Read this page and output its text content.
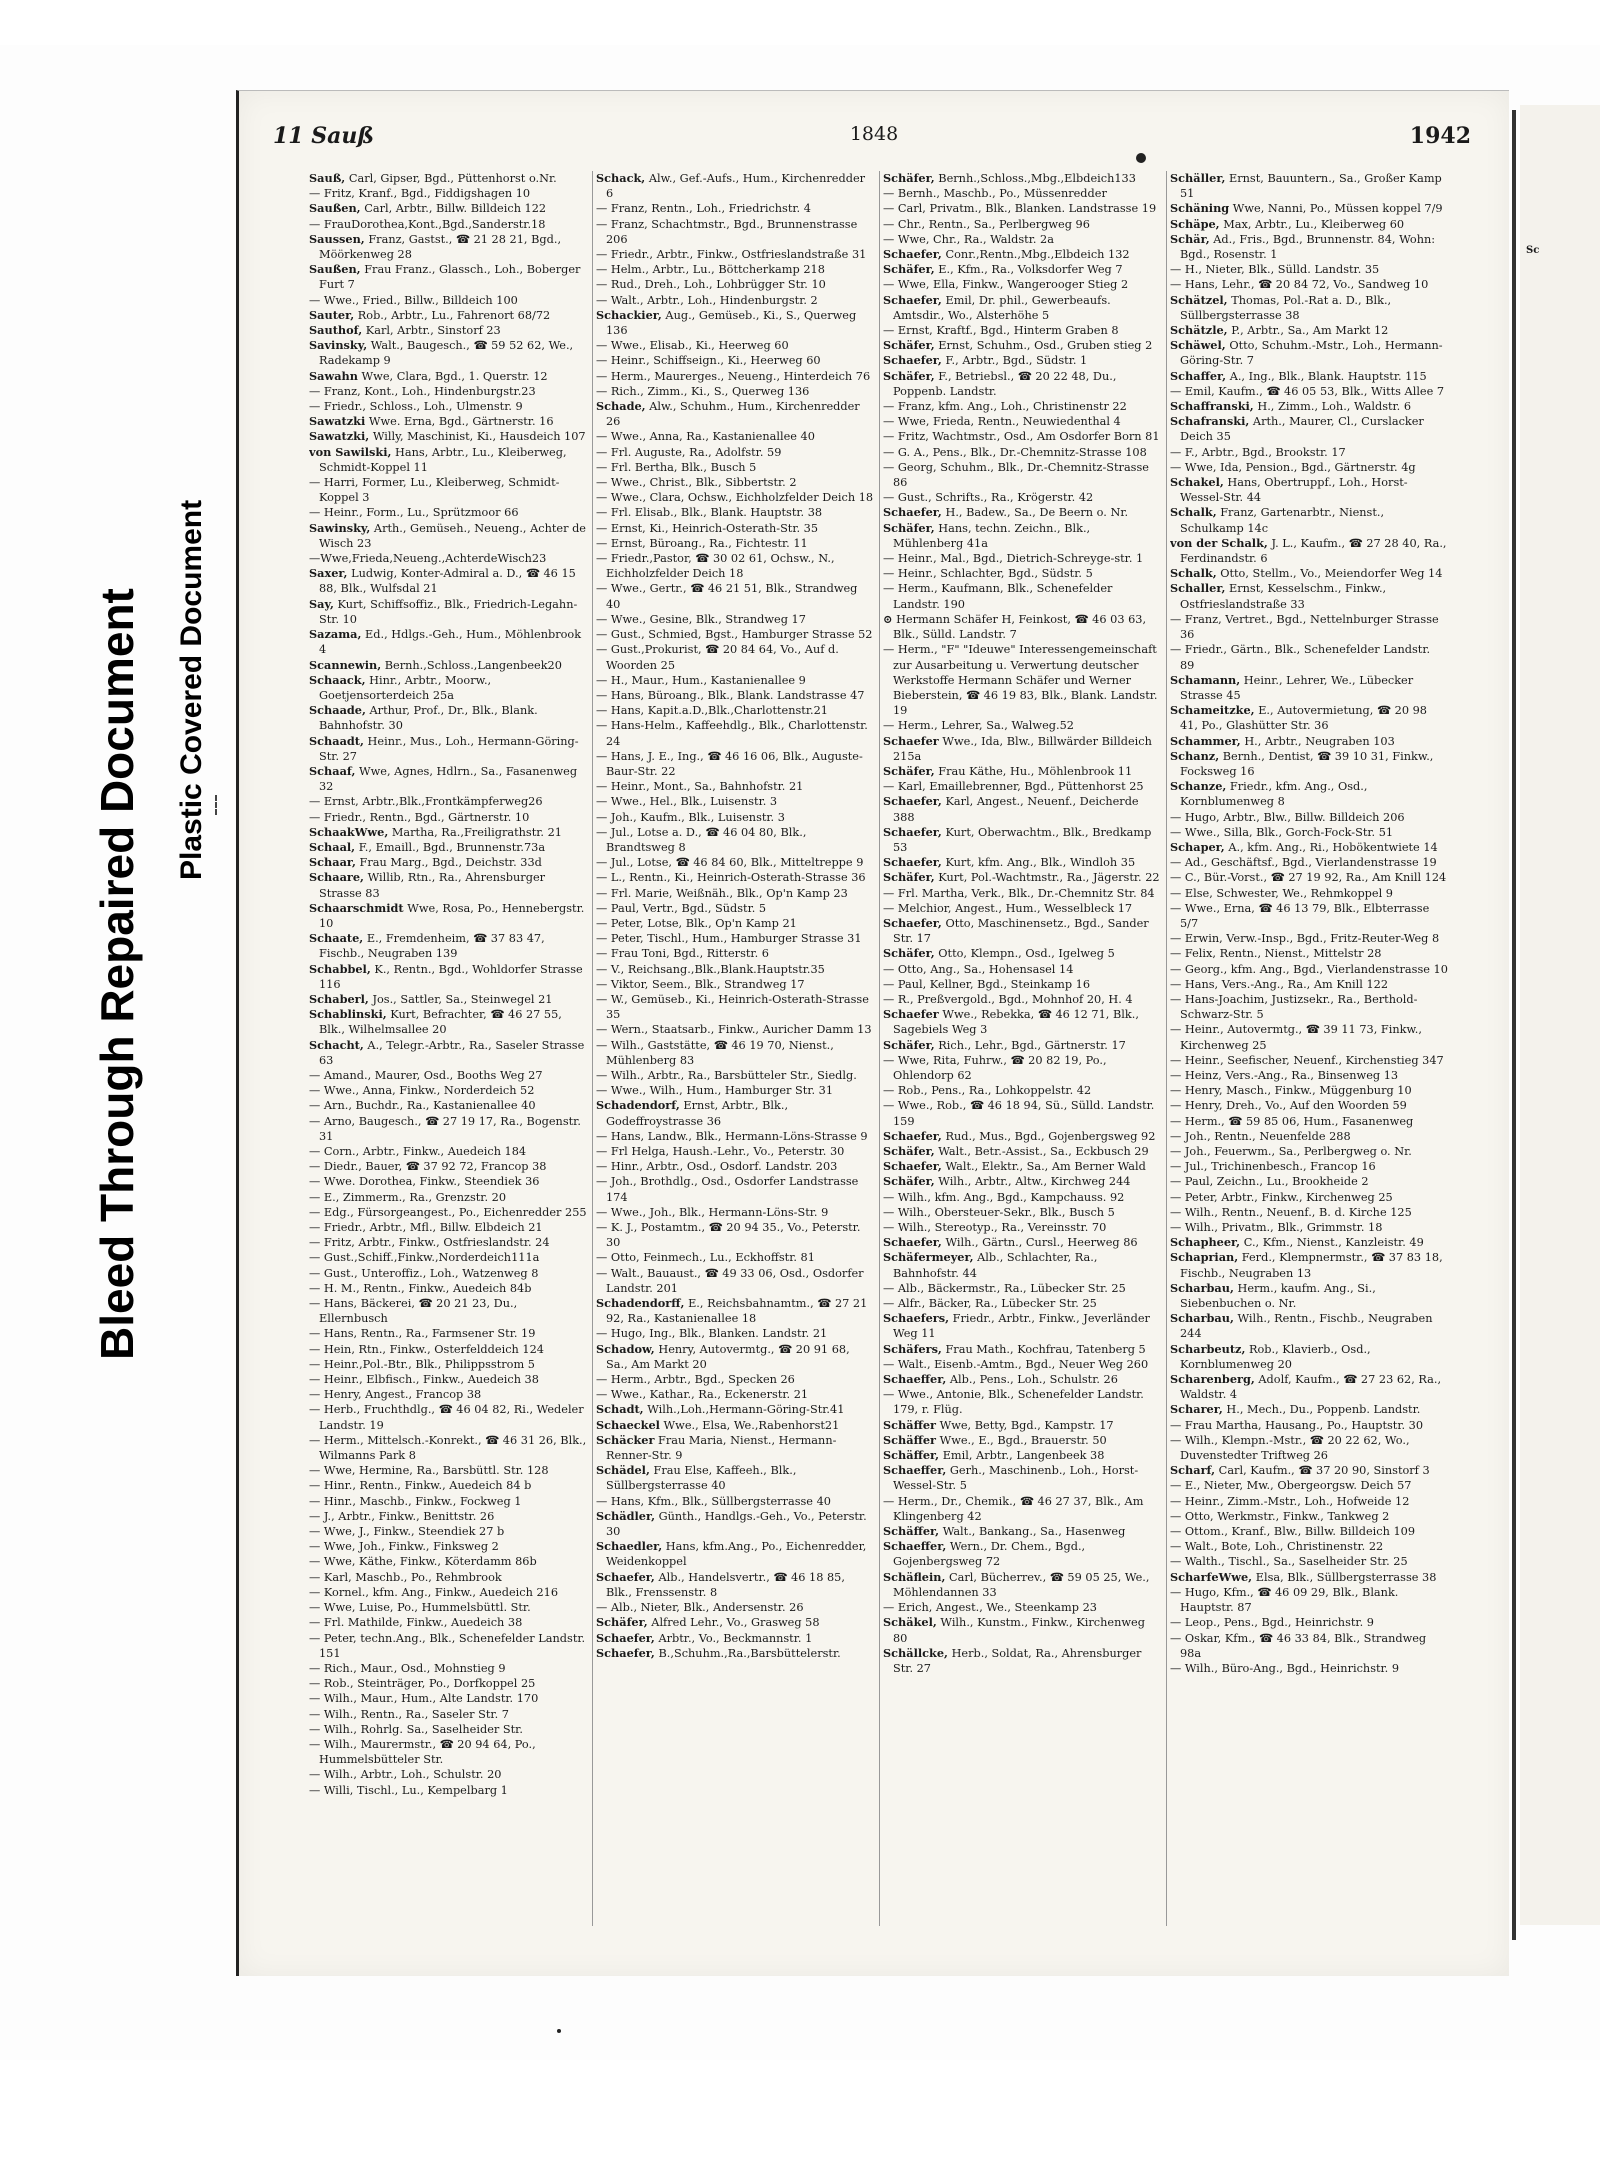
Bleed Through Repaired Document Plastic Covered Document
11 Sauß	1848	1942

Sauß, Carl, Gipser, Bgd., Püttenhorst o.Nr.

— Fritz, Kranf., Bgd., Fiddigshagen 10

Saußen, Carl, Arbtr., Billw. Billdeich 122

— FrauDorothea,Kont.,Bgd.,Sanderstr.18

Saussen, Franz, Gastst., ☎ 21 28 21, Bgd., Möörkenweg 28

Saußen, Frau Franz., Glassch., Loh., Boberger Furt 7

— Wwe., Fried., Billw., Billdeich 100

Sauter, Rob., Arbtr., Lu., Fahrenort 68/72

Sauthof, Karl, Arbtr., Sinstorf 23

Savinsky, Walt., Baugesch., ☎ 59 52 62, We., Radekamp 9

Sawahn Wwe, Clara, Bgd., 1. Querstr. 12

— Franz, Kont., Loh., Hindenburgstr.23

— Friedr., Schloss., Loh., Ulmenstr. 9

Sawatzki Wwe. Erna, Bgd., Gärtnerstr. 16

Sawatzki, Willy, Maschinist, Ki., Hausdeich 107

von Sawilski, Hans, Arbtr., Lu., Kleiberweg, Schmidt-Koppel 11

— Harri, Former, Lu., Kleiberweg, Schmidt-Koppel 3

— Heinr., Form., Lu., Sprützmoor 66

Sawinsky, Arth., Gemüseh., Neueng., Achter de Wisch 23

—Wwe,Frieda,Neueng.,AchterdeWisch23

Saxer, Ludwig, Konter-Admiral a. D., ☎ 46 15 88, Blk., Wulfsdal 21

Say, Kurt, Schiffsoffiz., Blk., Friedrich-Legahn-Str. 10

Sazama, Ed., Hdlgs.-Geh., Hum., Möhlenbrook 4

Scannewin, Bernh.,Schloss.,Langenbeek20

Schaack, Hinr., Arbtr., Moorw., Goetjensorterdeich 25a

Schaade, Arthur, Prof., Dr., Blk., Blank. Bahnhofstr. 30

Schaadt, Heinr., Mus., Loh., Hermann-Göring-Str. 27

Schaaf, Wwe, Agnes, Hdlrn., Sa., Fasanenweg 32

— Ernst, Arbtr.,Blk.,Frontkämpferweg26

— Friedr., Rentn., Bgd., Gärtnerstr. 10

SchaakWwe, Martha, Ra.,Freiligrathstr. 21

Schaal, F., Emaill., Bgd., Brunnenstr.73a

Schaar, Frau Marg., Bgd., Deichstr. 33d

Schaare, Willib, Rtn., Ra., Ahrensburger Strasse 83

Schaarschmidt Wwe, Rosa, Po., Hennebergstr. 10

Schaate, E., Fremdenheim, ☎ 37 83 47, Fischb., Neugraben 139

Schabbel, K., Rentn., Bgd., Wohldorfer Strasse 116

Schaberl, Jos., Sattler, Sa., Steinwegel 21

Schablinski, Kurt, Befrachter, ☎ 46 27 55, Blk., Wilhelmsallee 20

Schacht, A., Telegr.-Arbtr., Ra., Saseler Strasse 63

— Amand., Maurer, Osd., Booths Weg 27

— Wwe., Anna, Finkw., Norderdeich 52

— Arn., Buchdr., Ra., Kastanienallee 40

— Arno, Baugesch., ☎ 27 19 17, Ra., Bogenstr. 31

— Corn., Arbtr., Finkw., Auedeich 184

— Diedr., Bauer, ☎ 37 92 72, Francop 38

— Wwe. Dorothea, Finkw., Steendiek 36

— E., Zimmerm., Ra., Grenzstr. 20

— Edg., Fürsorgeangest., Po., Eichenredder 255

— Friedr., Arbtr., Mfl., Billw. Elbdeich 21

— Fritz, Arbtr., Finkw., Ostfrieslandstr. 24

— Gust.,Schiff.,Finkw.,Norderdeich111a

— Gust., Unteroffiz., Loh., Watzenweg 8

— H. M., Rentn., Finkw., Auedeich 84b

— Hans, Bäckerei, ☎ 20 21 23, Du., Ellernbusch

— Hans, Rentn., Ra., Farmsener Str. 19

— Hein, Rtn., Finkw., Osterfelddeich 124

— Heinr.,Pol.-Btr., Blk., Philippsstrom 5

— Heinr., Elbfisch., Finkw., Auedeich 38

— Henry, Angest., Francop 38

— Herb., Fruchthdlg., ☎ 46 04 82, Ri., Wedeler Landstr. 19

— Herm., Mittelsch.-Konrekt., ☎ 46 31 26, Blk., Wilmanns Park 8

— Wwe, Hermine, Ra., Barsbüttl. Str. 128

— Hinr., Rentn., Finkw., Auedeich 84 b

— Hinr., Maschb., Finkw., Fockweg 1

— J., Arbtr., Finkw., Benittstr. 26

— Wwe, J., Finkw., Steendiek 27 b

— Wwe, Joh., Finkw., Finksweg 2

— Wwe, Käthe, Finkw., Köterdamm 86b

— Karl, Maschb., Po., Rehmbrook

— Kornel., kfm. Ang., Finkw., Auedeich 216

— Wwe, Luise, Po., Hummelsbüttl. Str.

— Frl. Mathilde, Finkw., Auedeich 38

— Peter, techn.Ang., Blk., Schenefelder Landstr. 151

— Rich., Maur., Osd., Mohnstieg 9

— Rob., Steinträger, Po., Dorfkoppel 25

— Wilh., Maur., Hum., Alte Landstr. 170

— Wilh., Rentn., Ra., Saseler Str. 7

— Wilh., Rohrlg. Sa., Saselheider Str.

— Wilh., Maurermstr., ☎ 20 94 64, Po., Hummelsbütteler Str.

— Wilh., Arbtr., Loh., Schulstr. 20

— Willi, Tischl., Lu., Kempelbarg 1

Schack, Alw., Gef.-Aufs., Hum., Kirchenredder 6

— Franz, Rentn., Loh., Friedrichstr. 4

— Franz, Schachtmstr., Bgd., Brunnenstrasse 206

— Friedr., Arbtr., Finkw., Ostfrieslandstraße 31

— Helm., Arbtr., Lu., Böttcherkamp 218

— Rud., Dreh., Loh., Lohbrügger Str. 10

— Walt., Arbtr., Loh., Hindenburgstr. 2

Schackier, Aug., Gemüseb., Ki., S., Querweg 136

— Wwe., Elisab., Ki., Heerweg 60

— Heinr., Schiffseign., Ki., Heerweg 60

— Herm., Maurerges., Neueng., Hinterdeich 76

— Rich., Zimm., Ki., S., Querweg 136

Schade, Alw., Schuhm., Hum., Kirchenredder 26

— Wwe., Anna, Ra., Kastanienallee 40

— Frl. Auguste, Ra., Adolfstr. 59

— Frl. Bertha, Blk., Busch 5

— Wwe., Christ., Blk., Sibbertstr. 2

— Wwe., Clara, Ochsw., Eichholzfelder Deich 18

— Frl. Elisab., Blk., Blank. Hauptstr. 38

— Ernst, Ki., Heinrich-Osterath-Str. 35

— Ernst, Büroang., Ra., Fichtestr. 11

— Friedr.,Pastor, ☎ 30 02 61, Ochsw., N., Eichholzfelder Deich 18

— Wwe., Gertr., ☎ 46 21 51, Blk., Strandweg 40

— Wwe., Gesine, Blk., Strandweg 17

— Gust., Schmied, Bgst., Hamburger Strasse 52

— Gust.,Prokurist, ☎ 20 84 64, Vo., Auf d. Woorden 25

— H., Maur., Hum., Kastanienallee 9

— Hans, Büroang., Blk., Blank. Landstrasse 47

— Hans, Kapit.a.D.,Blk.,Charlottenstr.21

— Hans-Helm., Kaffeehdlg., Blk., Charlottenstr. 24

— Hans, J. E., Ing., ☎ 46 16 06, Blk., Auguste-Baur-Str. 22

— Heinr., Mont., Sa., Bahnhofstr. 21

— Wwe., Hel., Blk., Luisenstr. 3

— Joh., Kaufm., Blk., Luisenstr. 3

— Jul., Lotse a. D., ☎ 46 04 80, Blk., Brandtsweg 8

— Jul., Lotse, ☎ 46 84 60, Blk., Mitteltreppe 9

— L., Rentn., Ki., Heinrich-Osterath-Strasse 36

— Frl. Marie, Weißnäh., Blk., Op'n Kamp 23

— Paul, Vertr., Bgd., Südstr. 5

— Peter, Lotse, Blk., Op'n Kamp 21

— Peter, Tischl., Hum., Hamburger Strasse 31

— Frau Toni, Bgd., Ritterstr. 6

— V., Reichsang.,Blk.,Blank.Hauptstr.35

— Viktor, Seem., Blk., Strandweg 17

— W., Gemüseb., Ki., Heinrich-Osterath-Strasse 35

— Wern., Staatsarb., Finkw., Auricher Damm 13

— Wilh., Gaststätte, ☎ 46 19 70, Nienst., Mühlenberg 83

— Wilh., Arbtr., Ra., Barsbütteler Str., Siedlg.

— Wwe., Wilh., Hum., Hamburger Str. 31

Schadendorf, Ernst, Arbtr., Blk., Godeffroystrasse 36

— Hans, Landw., Blk., Hermann-Löns-Strasse 9

— Frl Helga, Haush.-Lehr., Vo., Peterstr. 30

— Hinr., Arbtr., Osd., Osdorf. Landstr. 203

— Joh., Brothdlg., Osd., Osdorfer Landstrasse 174

— Wwe., Joh., Blk., Hermann-Löns-Str. 9

— K. J., Postamtm., ☎ 20 94 35., Vo., Peterstr. 30

— Otto, Feinmech., Lu., Eckhoffstr. 81

— Walt., Bauaust., ☎ 49 33 06, Osd., Osdorfer Landstr. 201

Schadendorff, E., Reichsbahnamtm., ☎ 27 21 92, Ra., Kastanienallee 18

— Hugo, Ing., Blk., Blanken. Landstr. 21

Schadow, Henry, Autovermtg., ☎ 20 91 68, Sa., Am Markt 20

— Herm., Arbtr., Bgd., Specken 26

— Wwe., Kathar., Ra., Eckenerstr. 21

Schadt, Wilh.,Loh.,Hermann-Göring-Str.41

Schaeckel Wwe., Elsa, We.,Rabenhorst21

Schäcker Frau Maria, Nienst., Hermann-Renner-Str. 9

Schädel, Frau Else, Kaffeeh., Blk., Süllbergsterrasse 40

— Hans, Kfm., Blk., Süllbergsterrasse 40

Schädler, Günth., Handlgs.-Geh., Vo., Peterstr. 30

Schaedler, Hans, kfm.Ang., Po., Eichenredder, Weidenkoppel

Schaefer, Alb., Handelsvertr., ☎ 46 18 85, Blk., Frenssenstr. 8

— Alb., Nieter, Blk., Andersenstr. 26

Schäfer, Alfred Lehr., Vo., Grasweg 58

Schaefer, Arbtr., Vo., Beckmannstr. 1

Schaefer, B.,Schuhm.,Ra.,Barsbüttelerstr.

Schäfer, Bernh.,Schloss.,Mbg.,Elbdeich133

— Bernh., Maschb., Po., Müssenredder

— Carl, Privatm., Blk., Blanken. Landstrasse 19

— Chr., Rentn., Sa., Perlbergweg 96

— Wwe, Chr., Ra., Waldstr. 2a

Schaefer, Conr.,Rentn.,Mbg.,Elbdeich 132

Schäfer, E., Kfm., Ra., Volksdorfer Weg 7

— Wwe, Ella, Finkw., Wangerooger Stieg 2

Schaefer, Emil, Dr. phil., Gewerbeaufs. Amtsdir., Wo., Alsterhöhe 5

— Ernst, Kraftf., Bgd., Hinterm Graben 8

Schäfer, Ernst, Schuhm., Osd., Gruben stieg 2

Schaefer, F., Arbtr., Bgd., Südstr. 1

Schäfer, F., Betriebsl., ☎ 20 22 48, Du., Poppenb. Landstr.

— Franz, kfm. Ang., Loh., Christinenstr 22

— Wwe, Frieda, Rentn., Neuwiedenthal 4

— Fritz, Wachtmstr., Osd., Am Osdorfer Born 81

— G. A., Pens., Blk., Dr.-Chemnitz-Strasse 108

— Georg, Schuhm., Blk., Dr.-Chemnitz-Strasse 86

— Gust., Schrifts., Ra., Krögerstr. 42

Schaefer, H., Badew., Sa., De Beern o. Nr.

Schäfer, Hans, techn. Zeichn., Blk., Mühlenberg 41a

— Heinr., Mal., Bgd., Dietrich-Schreyge-str. 1

— Heinr., Schlachter, Bgd., Südstr. 5

— Herm., Kaufmann, Blk., Schenefelder Landstr. 190

⊙ Hermann Schäfer H, Feinkost, ☎ 46 03 63, Blk., Sülld. Landstr. 7

— Herm., "F" "Ideuwe" Interessengemeinschaft zur Ausarbeitung u. Verwertung deutscher Werkstoffe Hermann Schäfer und Werner Bieberstein, ☎ 46 19 83, Blk., Blank. Landstr. 19

— Herm., Lehrer, Sa., Walweg.52

Schaefer Wwe., Ida, Blw., Billwärder Billdeich 215a

Schäfer, Frau Käthe, Hu., Möhlenbrook 11

— Karl, Emaillebrenner, Bgd., Püttenhorst 25

Schaefer, Karl, Angest., Neuenf., Deicherde 388

Schaefer, Kurt, Oberwachtm., Blk., Bredkamp 53

Schaefer, Kurt, kfm. Ang., Blk., Windloh 35

Schäfer, Kurt, Pol.-Wachtmstr., Ra., Jägerstr. 22

— Frl. Martha, Verk., Blk., Dr.-Chemnitz Str. 84

— Melchior, Angest., Hum., Wesselbleck 17

Schaefer, Otto, Maschinensetz., Bgd., Sander Str. 17

Schäfer, Otto, Klempn., Osd., Igelweg 5

— Otto, Ang., Sa., Hohensasel 14

— Paul, Kellner, Bgd., Steinkamp 16

— R., Preßvergold., Bgd., Mohnhof 20, H. 4

Schaefer Wwe., Rebekka, ☎ 46 12 71, Blk., Sagebiels Weg 3

Schäfer, Rich., Lehr., Bgd., Gärtnerstr. 17

— Wwe, Rita, Fuhrw., ☎ 20 82 19, Po., Ohlendorp 62

— Rob., Pens., Ra., Lohkoppelstr. 42

— Wwe., Rob., ☎ 46 18 94, Sü., Sülld. Landstr. 159

Schaefer, Rud., Mus., Bgd., Gojenbergsweg 92

Schäfer, Walt., Betr.-Assist., Sa., Eckbusch 29

Schaefer, Walt., Elektr., Sa., Am Berner Wald

Schäfer, Wilh., Arbtr., Altw., Kirchweg 244

— Wilh., kfm. Ang., Bgd., Kampchauss. 92

— Wilh., Obersteuer-Sekr., Blk., Busch 5

— Wilh., Stereotyp., Ra., Vereinsstr. 70

Schaefer, Wilh., Gärtn., Cursl., Heerweg 86

Schäfermeyer, Alb., Schlachter, Ra., Bahnhofstr. 44

— Alb., Bäckermstr., Ra., Lübecker Str. 25

— Alfr., Bäcker, Ra., Lübecker Str. 25

Schaefers, Friedr., Arbtr., Finkw., Jeverländer Weg 11

Schäfers, Frau Math., Kochfrau, Tatenberg 5

— Walt., Eisenb.-Amtm., Bgd., Neuer Weg 260

Schaeffer, Alb., Pens., Loh., Schulstr. 26

— Wwe., Antonie, Blk., Schenefelder Landstr. 179, r. Flüg.

Schäffer Wwe, Betty, Bgd., Kampstr. 17

Schäffer Wwe., E., Bgd., Brauerstr. 50

Schäffer, Emil, Arbtr., Langenbeek 38

Schaeffer, Gerh., Maschinenb., Loh., Horst-Wessel-Str. 5

— Herm., Dr., Chemik., ☎ 46 27 37, Blk., Am Klingenberg 42

Schäffer, Walt., Bankang., Sa., Hasenweg

Schaeffer, Wern., Dr. Chem., Bgd., Gojenbergsweg 72

Schäflein, Carl, Bücherrev., ☎ 59 05 25, We., Möhlendannen 33

— Erich, Angest., We., Steenkamp 23

Schäkel, Wilh., Kunstm., Finkw., Kirchenweg 80

Schällcke, Herb., Soldat, Ra., Ahrensburger Str. 27

Schäller, Ernst, Bauuntern., Sa., Großer Kamp 51

Schäning Wwe, Nanni, Po., Müssen koppel 7/9

Schäpe, Max, Arbtr., Lu., Kleiberweg 60

Schär, Ad., Fris., Bgd., Brunnenstr. 84, Wohn: Bgd., Rosenstr. 1

— H., Nieter, Blk., Sülld. Landstr. 35

— Hans, Lehr., ☎ 20 84 72, Vo., Sandweg 10

Schätzel, Thomas, Pol.-Rat a. D., Blk., Süllbergsterrasse 38

Schätzle, P., Arbtr., Sa., Am Markt 12

Schäwel, Otto, Schuhm.-Mstr., Loh., Hermann-Göring-Str. 7

Schaffer, A., Ing., Blk., Blank. Hauptstr. 115

— Emil, Kaufm., ☎ 46 05 53, Blk., Witts Allee 7

Schaffranski, H., Zimm., Loh., Waldstr. 6

Schafranski, Arth., Maurer, Cl., Curslacker Deich 35

— F., Arbtr., Bgd., Brookstr. 17

— Wwe, Ida, Pension., Bgd., Gärtnerstr. 4g

Schakel, Hans, Obertruppf., Loh., Horst-Wessel-Str. 44

Schalk, Franz, Gartenarbtr., Nienst., Schulkamp 14c

von der Schalk, J. L., Kaufm., ☎ 27 28 40, Ra., Ferdinandstr. 6

Schalk, Otto, Stellm., Vo., Meiendorfer Weg 14

Schaller, Ernst, Kesselschm., Finkw., Ostfrieslandstraße 33

— Franz, Vertret., Bgd., Nettelnburger Strasse 36

— Friedr., Gärtn., Blk., Schenefelder Landstr. 89

Schamann, Heinr., Lehrer, We., Lübecker Strasse 45

Schameitzke, E., Autovermietung, ☎ 20 98 41, Po., Glashütter Str. 36

Schammer, H., Arbtr., Neugraben 103

Schanz, Bernh., Dentist, ☎ 39 10 31, Finkw., Focksweg 16

Schanze, Friedr., kfm. Ang., Osd., Kornblumenweg 8

— Hugo, Arbtr., Blw., Billw. Billdeich 206

— Wwe., Silla, Blk., Gorch-Fock-Str. 51

Schaper, A., kfm. Ang., Ri., Hobökentwiete 14

— Ad., Geschäftsf., Bgd., Vierlandenstrasse 19

— C., Bür.-Vorst., ☎ 27 19 92, Ra., Am Knill 124

— Else, Schwester, We., Rehmkoppel 9

— Wwe., Erna, ☎ 46 13 79, Blk., Elbterrasse 5/7

— Erwin, Verw.-Insp., Bgd., Fritz-Reuter-Weg 8

— Felix, Rentn., Nienst., Mittelstr 28

— Georg., kfm. Ang., Bgd., Vierlandenstrasse 10

— Hans, Vers.-Ang., Ra., Am Knill 122

— Hans-Joachim, Justizsekr., Ra., Berthold-Schwarz-Str. 5

— Heinr., Autovermtg., ☎ 39 11 73, Finkw., Kirchenweg 25

— Heinr., Seefischer, Neuenf., Kirchenstieg 347

— Heinz, Vers.-Ang., Ra., Binsenweg 13

— Henry, Masch., Finkw., Müggenburg 10

— Henry, Dreh., Vo., Auf den Woorden 59

— Herm., ☎ 59 85 06, Hum., Fasanenweg

— Joh., Rentn., Neuenfelde 288

— Joh., Feuerwm., Sa., Perlbergweg o. Nr.

— Jul., Trichinenbesch., Francop 16

— Paul, Zeichn., Lu., Brookheide 2

— Peter, Arbtr., Finkw., Kirchenweg 25

— Wilh., Rentn., Neuenf., B. d. Kirche 125

— Wilh., Privatm., Blk., Grimmstr. 18

Schapheer, C., Kfm., Nienst., Kanzleistr. 49

Schaprian, Ferd., Klempnermstr., ☎ 37 83 18, Fischb., Neugraben 13

Scharbau, Herm., kaufm. Ang., Si., Siebenbuchen o. Nr.

Scharbau, Wilh., Rentn., Fischb., Neugraben 244

Scharbeutz, Rob., Klavierb., Osd., Kornblumenweg 20

Scharenberg, Adolf, Kaufm., ☎ 27 23 62, Ra., Waldstr. 4

Scharer, H., Mech., Du., Poppenb. Landstr.

— Frau Martha, Hausang., Po., Hauptstr. 30

— Wilh., Klempn.-Mstr., ☎ 20 22 62, Wo., Duvenstedter Triftweg 26

Scharf, Carl, Kaufm., ☎ 37 20 90, Sinstorf 3

— E., Nieter, Mw., Obergeorgsw. Deich 57

— Heinr., Zimm.-Mstr., Loh., Hofweide 12

— Otto, Werkmstr., Finkw., Tankweg 2

— Ottom., Kranf., Blw., Billw. Billdeich 109

— Walt., Bote, Loh., Christinenstr. 22

— Walth., Tischl., Sa., Saselheider Str. 25

ScharfeWwe, Elsa, Blk., Süllbergsterrasse 38

— Hugo, Kfm., ☎ 46 09 29, Blk., Blank. Hauptstr. 87

— Leop., Pens., Bgd., Heinrichstr. 9

— Oskar, Kfm., ☎ 46 33 84, Blk., Strandweg 98a

— Wilh., Büro-Ang., Bgd., Heinrichstr. 9

Sc
